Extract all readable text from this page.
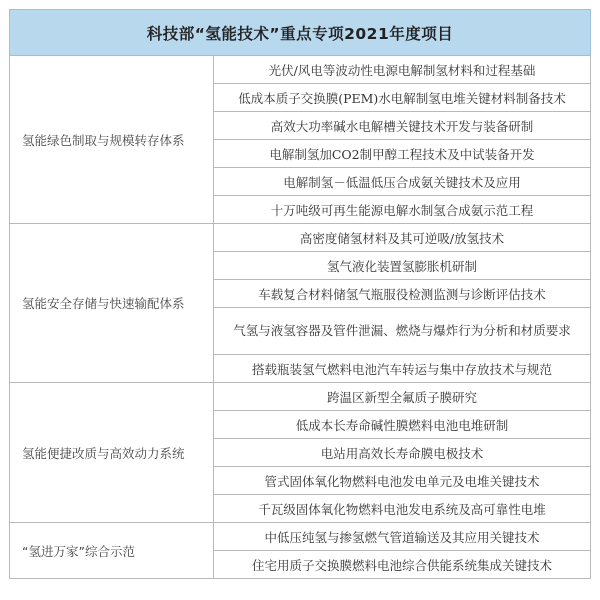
科技部“氢能技术”重点专项2021年度项目	
氢能绿色制取与规模转存体系	光伏/风电等波动性电源电解制氢材料和过程基础
	低成本质子交换膜(PEM)水电解制氢电堆关键材料制备技术
	高效大功率碱水电解槽关键技术开发与装备研制
	电解制氢加CO2制甲醇工程技术及中试装备开发
	电解制氢－低温低压合成氨关键技术及应用
	十万吨级可再生能源电解水制氢合成氨示范工程
氢能安全存储与快速输配体系	高密度储氢材料及其可逆吸/放氢技术
	氢气液化装置氢膨胀机研制
	车载复合材料储氢气瓶服役检测监测与诊断评估技术
	气氢与液氢容器及管件泄漏、燃烧与爆炸行为分析和材质要求
	搭载瓶装氢气燃料电池汽车转运与集中存放技术与规范
氢能便捷改质与高效动力系统	跨温区新型全氟质子膜研究
	低成本长寿命碱性膜燃料电池电堆研制
	电站用高效长寿命膜电极技术
	管式固体氧化物燃料电池发电单元及电堆关键技术
	千瓦级固体氧化物燃料电池发电系统及高可靠性电堆
“氢进万家”综合示范	中低压纯氢与掺氢燃气管道输送及其应用关键技术
	住宅用质子交换膜燃料电池综合供能系统集成关键技术
